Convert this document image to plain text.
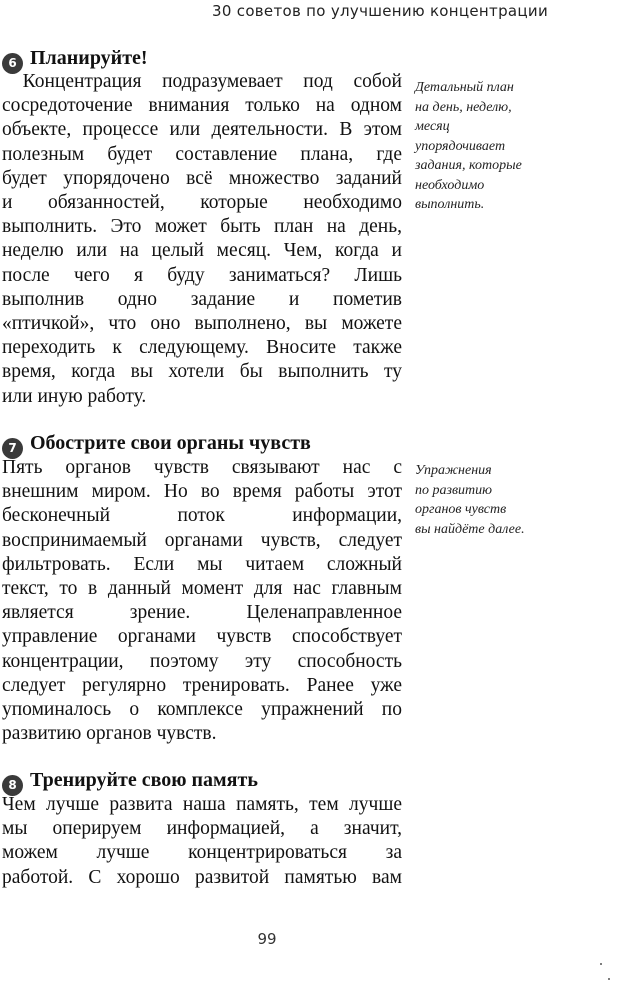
30 советов по улучшению концентрации
6 Планируйте!
Концентрация подразумевает под собой
сосредоточение внимания только на одном
объекте, процессе или деятельности. В этом
полезным будет составление плана, где
будет упорядочено всё множество заданий
и обязанностей, которые необходимо
выполнить. Это может быть план на день,
неделю или на целый месяц. Чем, когда и
после чего я буду заниматься? Лишь
выполнив одно задание и пометив
«птичкой», что оно выполнено, вы можете
переходить к следующему. Вносите также
время, когда вы хотели бы выполнить ту
или иную работу.
Детальный план
на день, неделю,
месяц
упорядочивает
задания, которые
необходимо
выполнить.
7 Обострите свои органы чувств
Пять органов чувств связывают нас с
внешним миром. Но во время работы этот
бесконечный поток информации,
воспринимаемый органами чувств, следует
фильтровать. Если мы читаем сложный
текст, то в данный момент для нас главным
является зрение. Целенаправленное
управление органами чувств способствует
концентрации, поэтому эту способность
следует регулярно тренировать. Ранее уже
упоминалось о комплексе упражнений по
развитию органов чувств.
Упражнения
по развитию
органов чувств
вы найдёте далее.
8 Тренируйте свою память
Чем лучше развита наша память, тем лучше
мы оперируем информацией, а значит,
можем лучше концентрироваться за
работой. С хорошо развитой памятью вам
99
